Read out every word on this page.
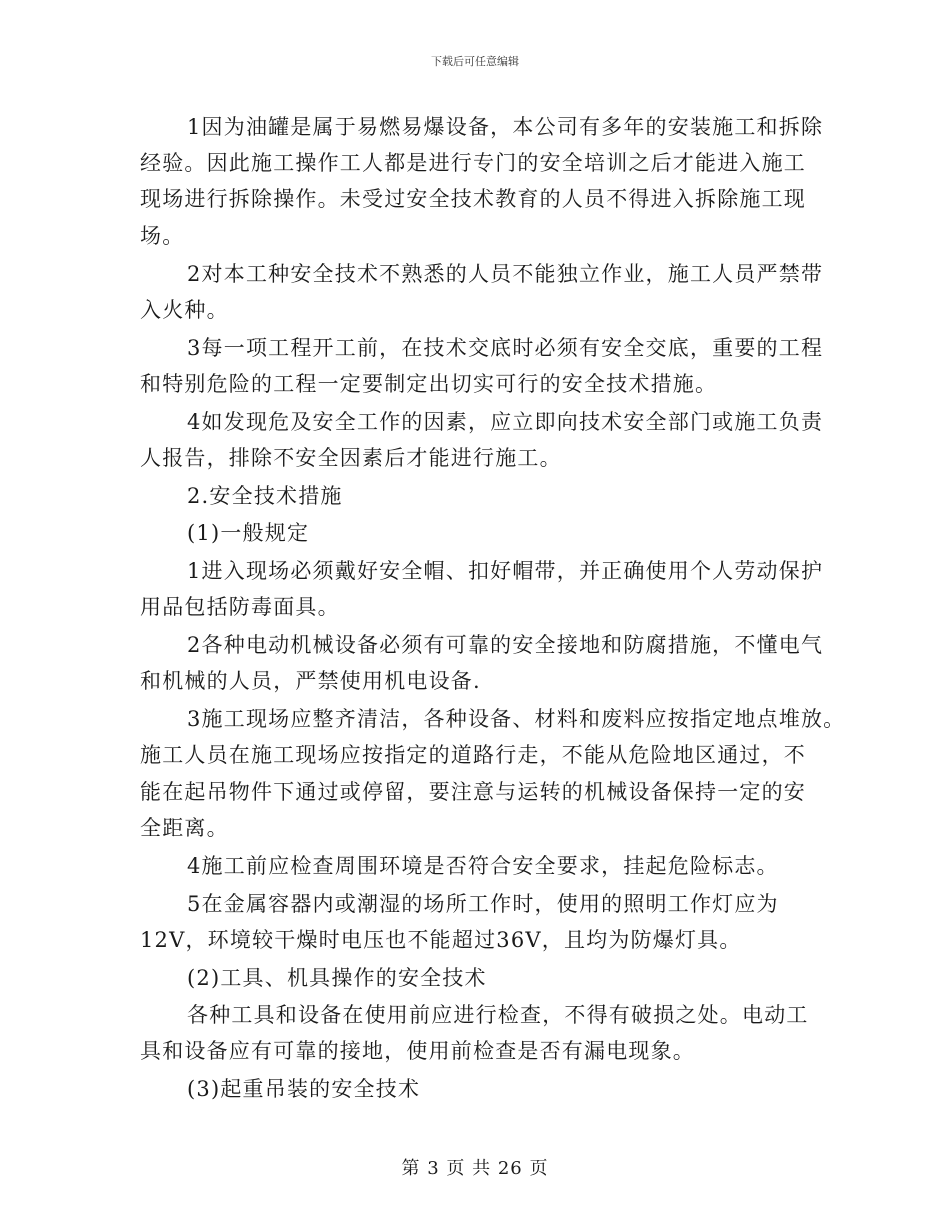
下载后可任意编辑
1因为油罐是属于易燃易爆设备，本公司有多年的安装施工和拆除
经验。因此施工操作工人都是进行专门的安全培训之后才能进入施工
现场进行拆除操作。未受过安全技术教育的人员不得进入拆除施工现
场。
2对本工种安全技术不熟悉的人员不能独立作业，施工人员严禁带
入火种。
3每一项工程开工前，在技术交底时必须有安全交底，重要的工程
和特别危险的工程一定要制定出切实可行的安全技术措施。
4如发现危及安全工作的因素，应立即向技术安全部门或施工负责
人报告，排除不安全因素后才能进行施工。
2.安全技术措施
(1)一般规定
1进入现场必须戴好安全帽、扣好帽带，并正确使用个人劳动保护
用品包括防毒面具。
2各种电动机械设备必须有可靠的安全接地和防腐措施，不懂电气
和机械的人员，严禁使用机电设备.
3施工现场应整齐清洁，各种设备、材料和废料应按指定地点堆放。
施工人员在施工现场应按指定的道路行走，不能从危险地区通过，不
能在起吊物件下通过或停留，要注意与运转的机械设备保持一定的安
全距离。
4施工前应检查周围环境是否符合安全要求，挂起危险标志。
5在金属容器内或潮湿的场所工作时，使用的照明工作灯应为
12V，环境较干燥时电压也不能超过36V，且均为防爆灯具。
(2)工具、机具操作的安全技术
各种工具和设备在使用前应进行检查，不得有破损之处。电动工
具和设备应有可靠的接地，使用前检查是否有漏电现象。
(3)起重吊装的安全技术
第 3 页 共 26 页
